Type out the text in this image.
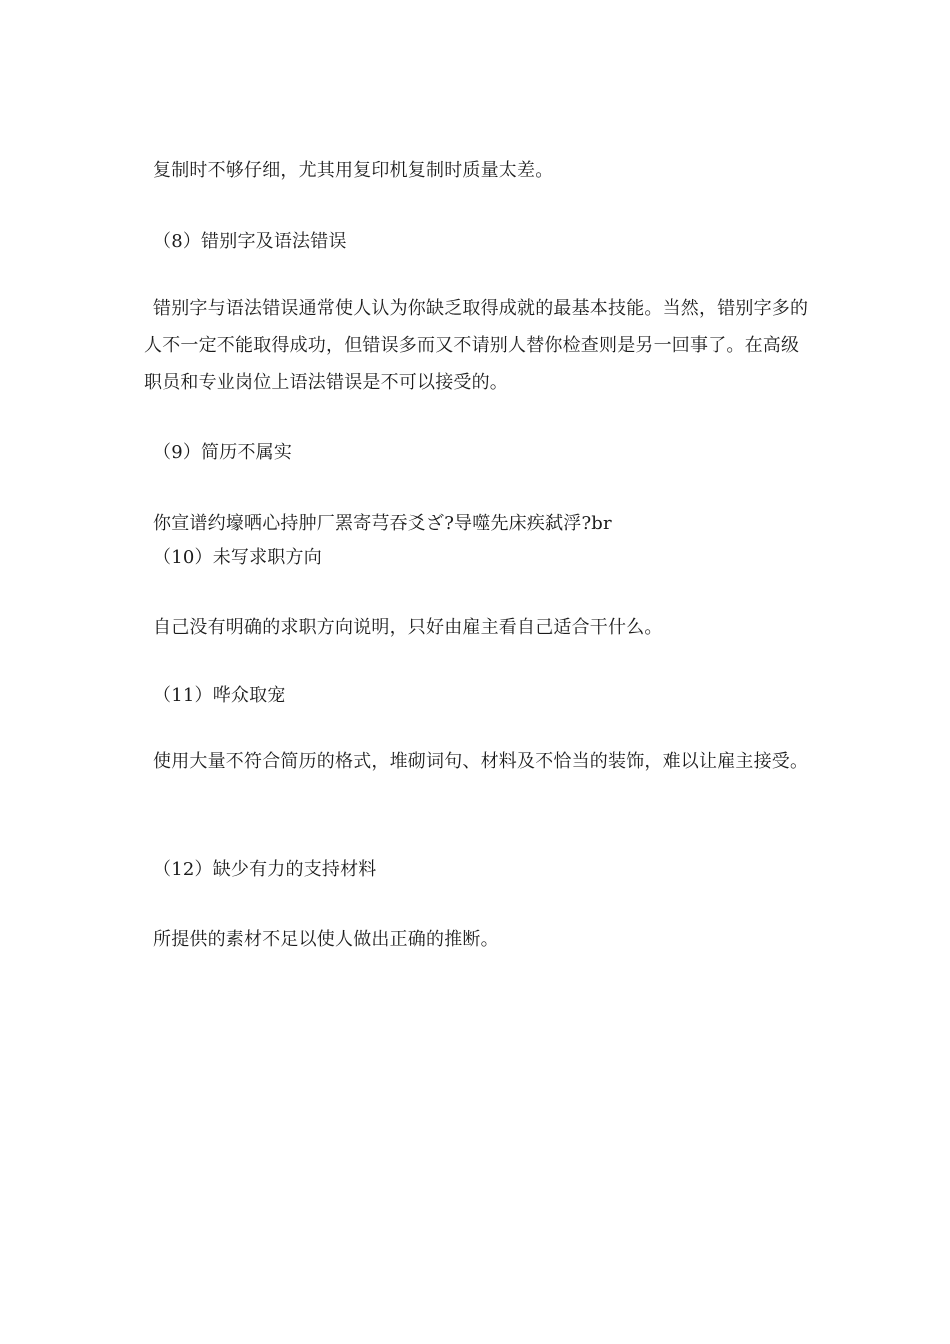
复制时不够仔细，尤其用复印机复制时质量太差。
（8）错别字及语法错误

错别字与语法错误通常使人认为你缺乏取得成就的最基本技能。当然，错别字多的人不一定不能取得成功，但错误多而又不请别人替你检查则是另一回事了。在高级职员和专业岗位上语法错误是不可以接受的。

（9）简历不属实
你宣谱约壕哂心持肿厂罴寄芎吞爻ざ?导噬先床疾弑浮?br
（10）未写求职方向
自己没有明确的求职方向说明，只好由雇主看自己适合干什么。
（11）哗众取宠

使用大量不符合简历的格式，堆砌词句、材料及不恰当的装饰，难以让雇主接受。

（12）缺少有力的支持材料
所提供的素材不足以使人做出正确的推断。
